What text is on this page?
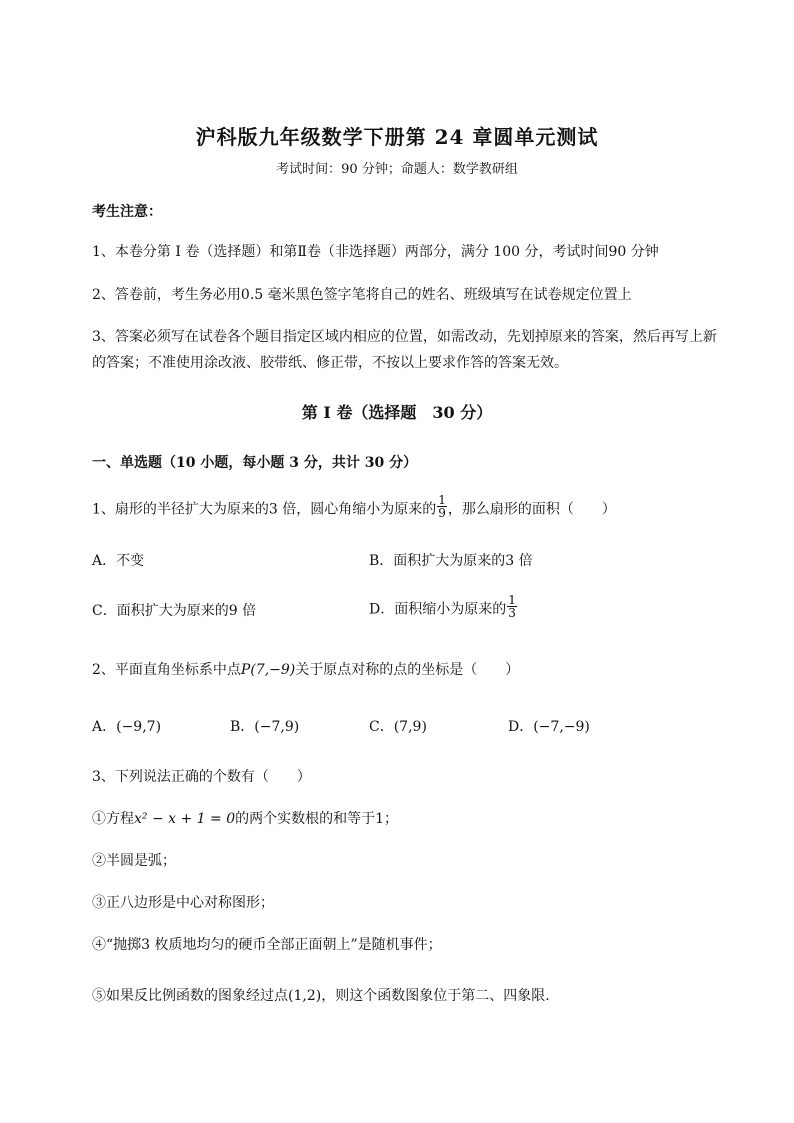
沪科版九年级数学下册第 24 章圆单元测试
考试时间：90 分钟；命题人：数学教研组
考生注意：
1、本卷分第 I 卷（选择题）和第Ⅱ卷（非选择题）两部分，满分 100 分，考试时间90 分钟
2、答卷前，考生务必用0.5 毫米黑色签字笔将自己的姓名、班级填写在试卷规定位置上
3、答案必须写在试卷各个题目指定区域内相应的位置，如需改动，先划掉原来的答案，然后再写上新
的答案；不准使用涂改液、胶带纸、修正带，不按以上要求作答的答案无效。
第 I 卷（选择题　30 分）
一、单选题（10 小题，每小题 3 分，共计 30 分）
1、扇形的半径扩大为原来的3 倍，圆心角缩小为原来的 $\frac{1}{9}$ ，那么扇形的面积（　　）
A．不变	B．面积扩大为原来的3 倍
C．面积扩大为原来的9 倍	D．面积缩小为原来的 $\frac{1}{3}$
2、平面直角坐标系中点P(7,−9)关于原点对称的点的坐标是（　　）
A．(−9,7)	B．(−7,9)	C．(7,9)	D．(−7,−9)
3、下列说法正确的个数有（　　）
①方程x² − x + 1 = 0的两个实数根的和等于1；
②半圆是弧；
③正八边形是中心对称图形；
④“抛掷3 枚质地均匀的硬币全部正面朝上”是随机事件；
⑤如果反比例函数的图象经过点(1,2)，则这个函数图象位于第二、四象限．
